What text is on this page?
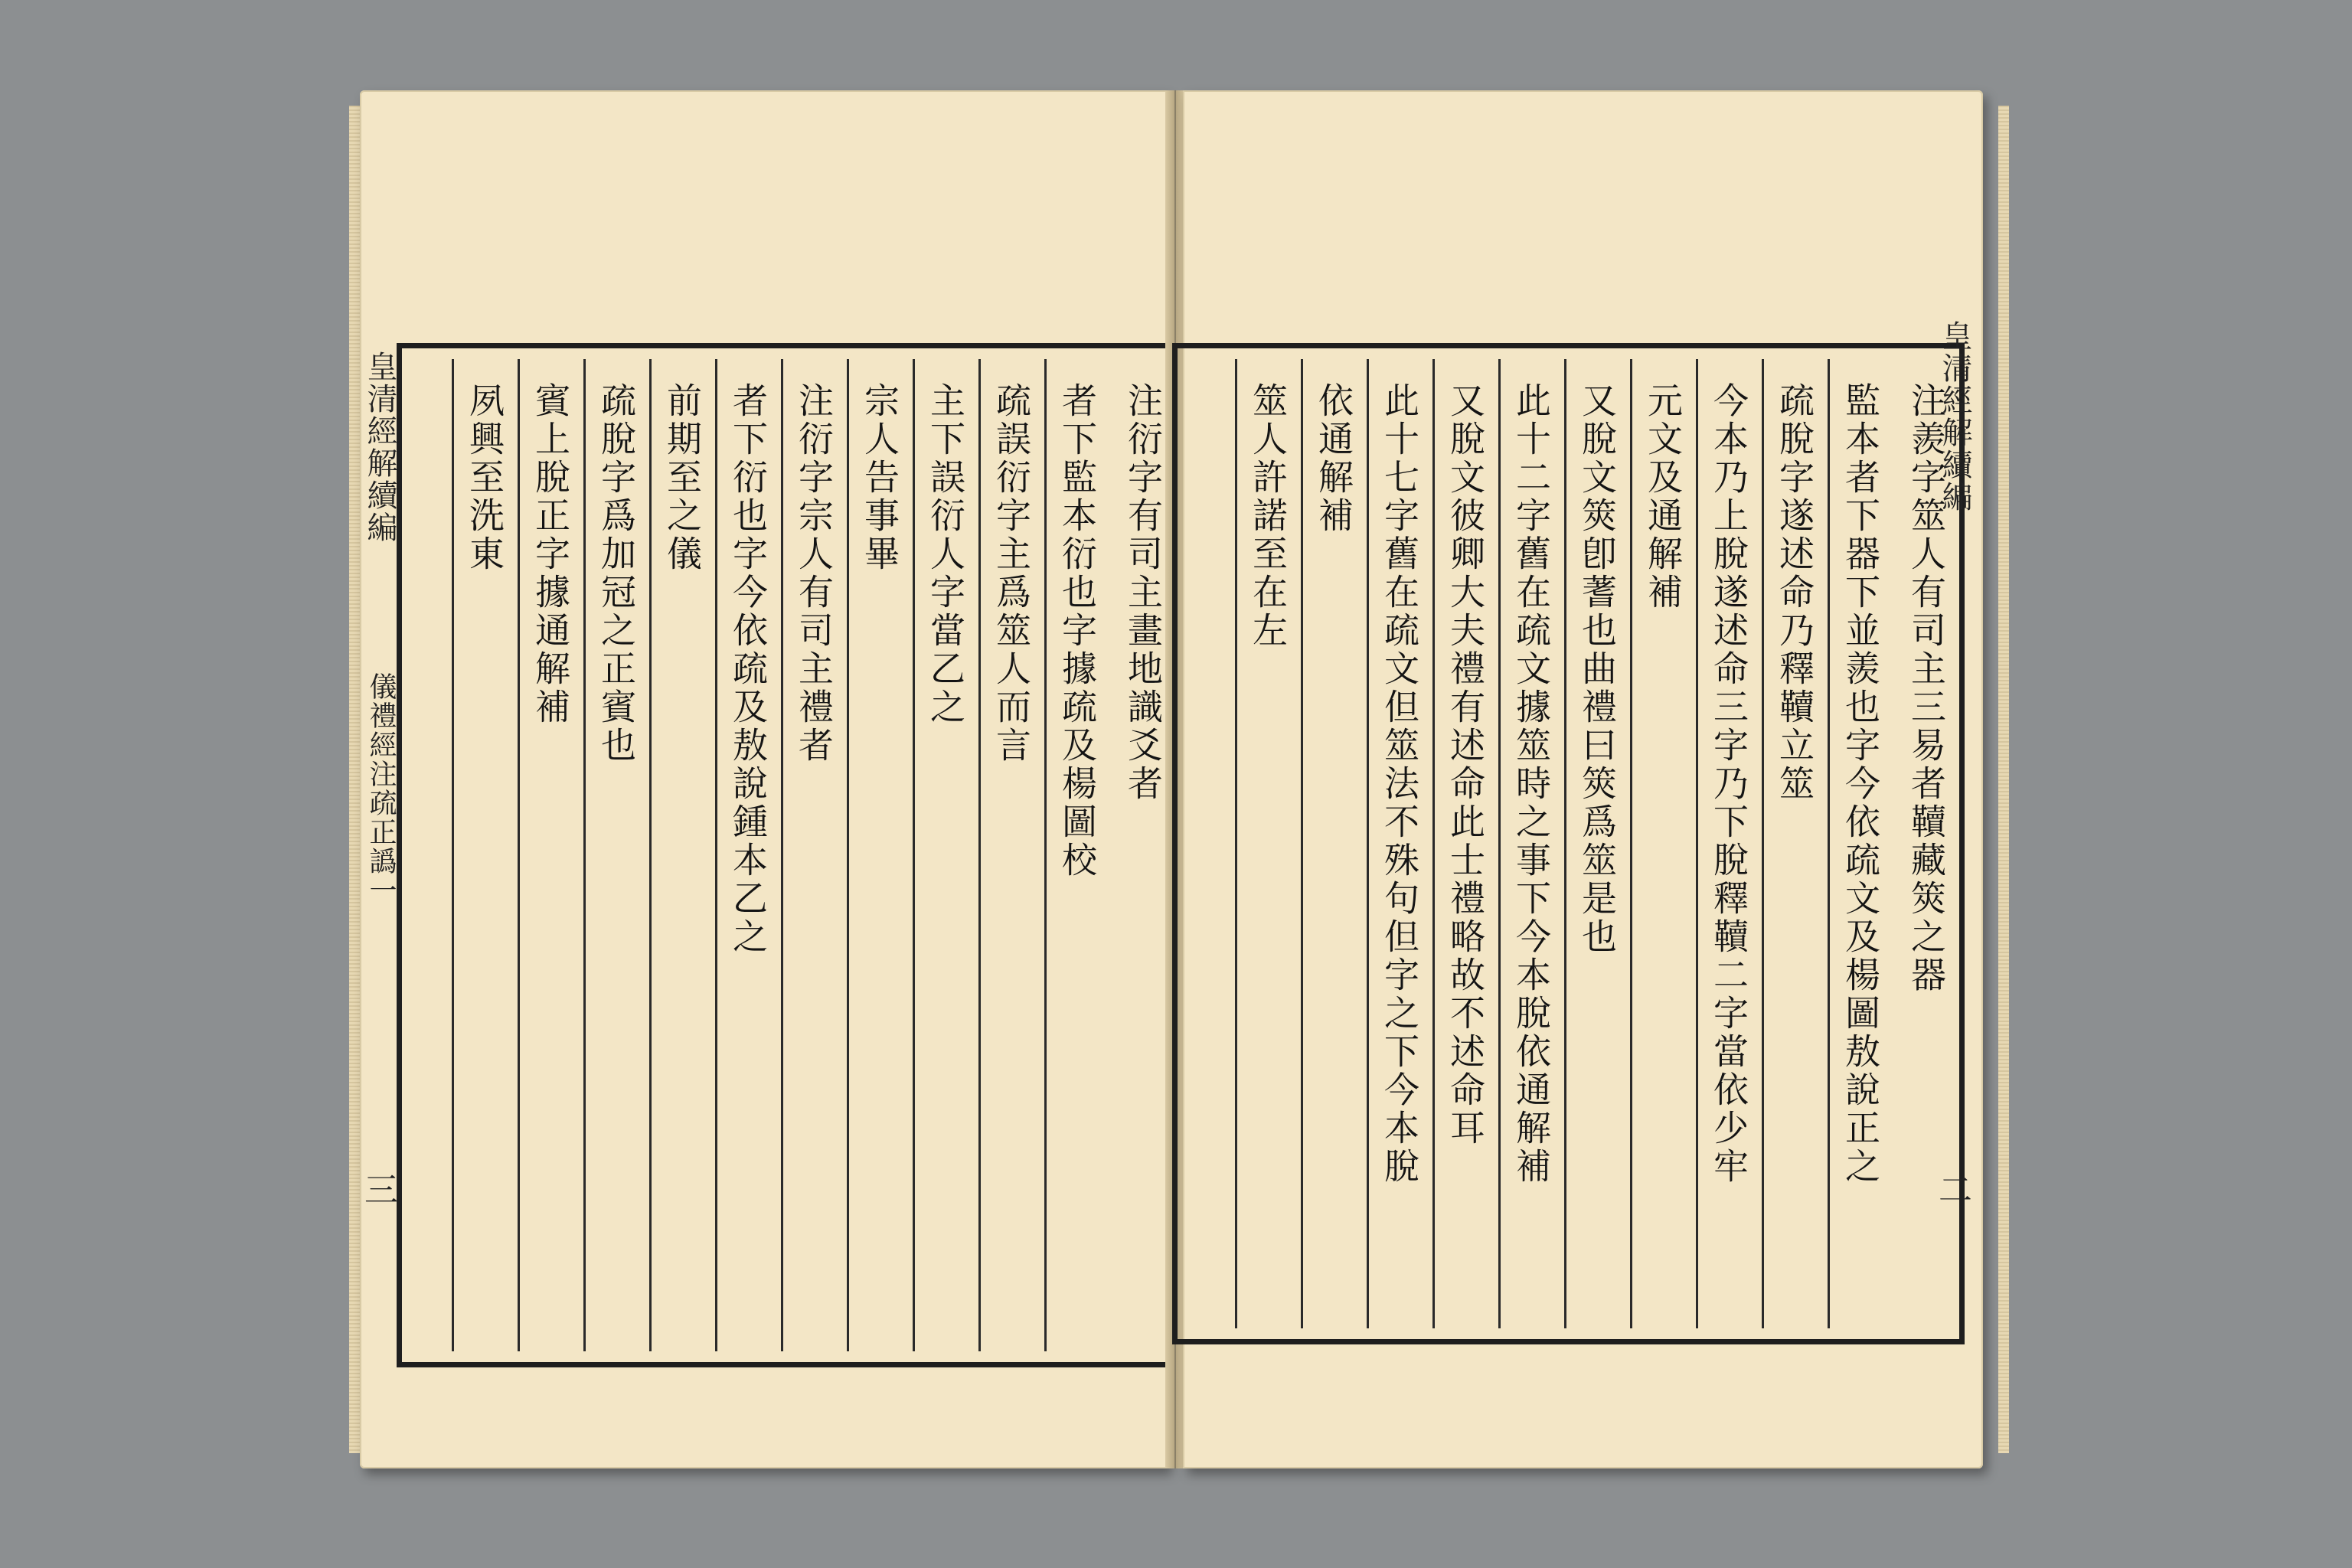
皇清經解續編
儀禮經注疏正譌一
三
注衍字有司主畫地識爻者
者下監本衍也字據疏及楊圖校
疏誤衍字主爲筮人而言
主下誤衍人字當乙之
宗人告事畢
注衍字宗人有司主禮者
者下衍也字今依疏及敖說鍾本乙之
前期至之儀
疏脫字爲加冠之正賓也
賓上脫正字據通解補
夙興至洗東	注羨字筮人有司主三易者韇藏筴之器
監本者下器下並羨也字今依疏文及楊圖敖說正之
疏脫字遂述命乃釋韇立筮
今本乃上脫遂述命三字乃下脫釋韇二字當依少牢
元文及通解補
又脫文筴卽蓍也曲禮曰筴爲筮是也
此十二字舊在疏文據筮時之事下今本脫依通解補
又脫文彼卿大夫禮有述命此士禮略故不述命耳
此十七字舊在疏文但筮法不殊句但字之下今本脫
依通解補
筮人許諾至在左	皇清經解續編
二
